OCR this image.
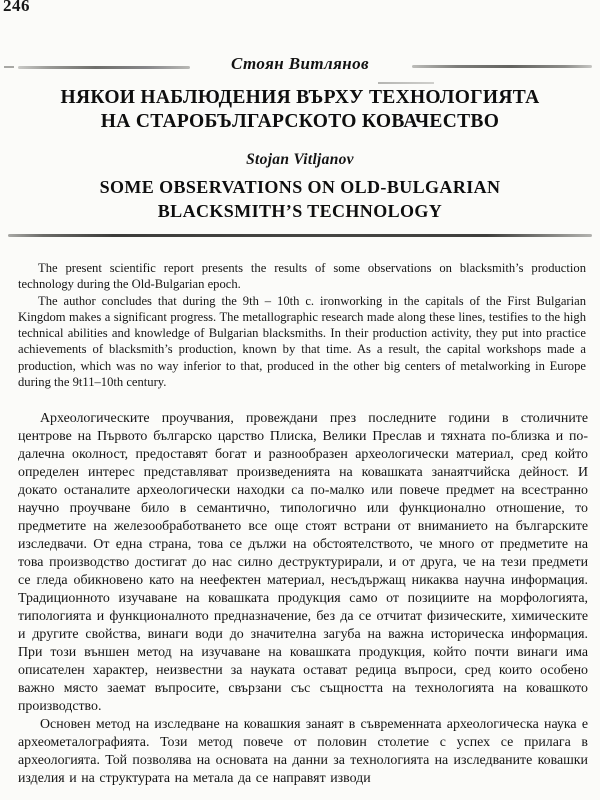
246
Стоян Витлянов
НЯКОИ НАБЛЮДЕНИЯ ВЪРХУ ТЕХНОЛОГИЯТА
НА СТАРОБЪЛГАРСКОТО КОВАЧЕСТВО
Stojan Vitljanov
SOME OBSERVATIONS ON OLD-BULGARIAN
BLACKSMITH’S TECHNOLOGY

The present scientific report presents the results of some observations on blacksmith’s production technology during the Old-Bulgarian epoch.

The author concludes that during the 9th – 10th c. ironworking in the capitals of the First Bulgarian Kingdom makes a significant progress. The metallographic research made along these lines, testifies to the high technical abilities and knowledge of Bulgarian blacksmiths. In their production activity, they put into practice achievements of blacksmith’s production, known by that time. As a result, the capital workshops made a production, which was no way inferior to that, produced in the other big centers of metalworking in Europe during the 9t11–10th century.

Археологическите проучвания, провеждани през последните години в столичните центрове на Първото българско царство Плиска, Велики Преслав и тяхната по-близка и по-далечна околност, предоставят богат и разнообразен археологически материал, сред който определен интерес представляват произведенията на ковашката занаятчийска дейност. И докато останалите археологически находки са по-малко или повече предмет на всестранно научно проучване било в семантично, типологично или функционално отношение, то предметите на железообработването все още стоят встрани от вниманието на българските изследвачи. От една страна, това се дължи на обстоятелството, че много от предметите на това производство достигат до нас силно деструктурирали, и от друга, че на тези предмети се гледа обикновено като на неефектен материал, несъдържащ никаква научна информация. Традиционното изучаване на ковашката продукция само от позициите на морфологията, типологията и функционалното предназначение, без да се отчитат физическите, химическите и другите свойства, винаги води до значителна загуба на важна историческа информация. При този външен метод на изучаване на ковашката продукция, който почти винаги има описателен характер, неизвестни за науката остават редица въпроси, сред които особено важно място заемат въпросите, свързани със същността на технологията на ковашкото производство.

Основен метод на изследване на ковашкия занаят в съвременната археологическа наука е археометалографията. Този метод повече от половин столетие с успех се прилага в археологията. Той позволява на основата на данни за технологията на изследваните ковашки изделия и на структурата на метала да се направят изводи
